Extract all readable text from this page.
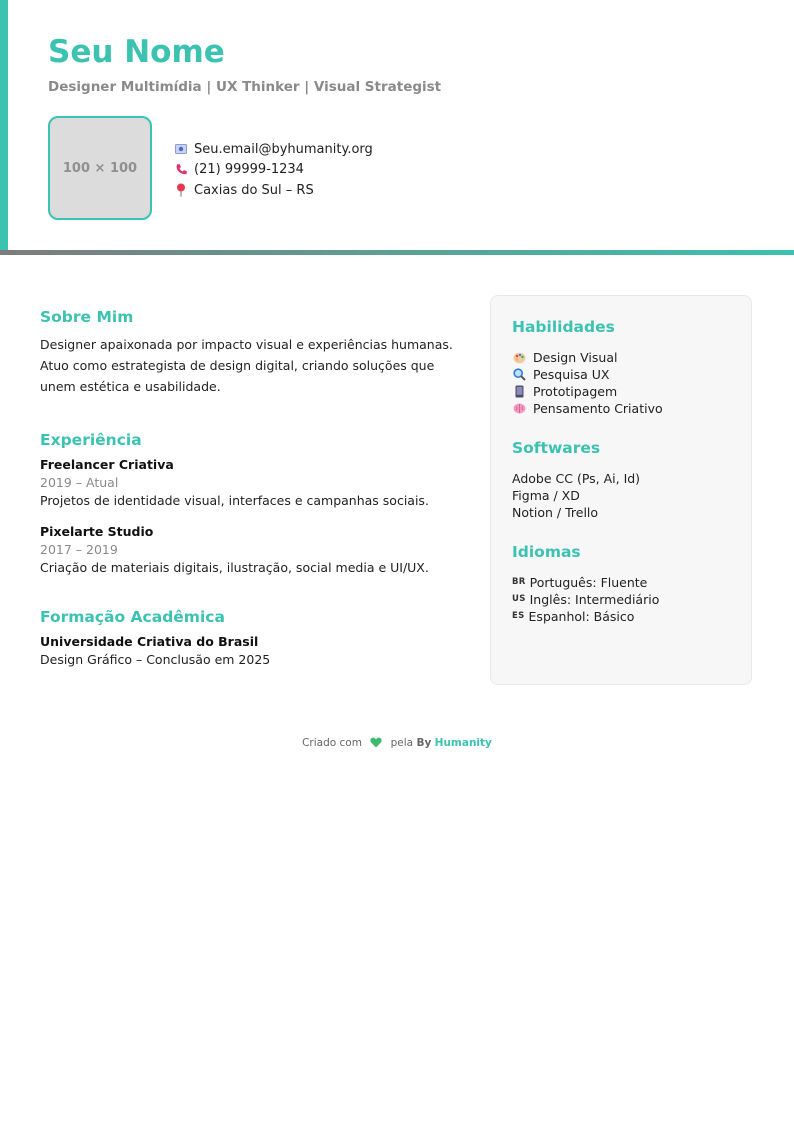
Seu Nome

Designer Multimídia | UX Thinker | Visual Strategist

100 × 100
Seu.email@byhumanity.org
(21) 99999-1234
Caxias do Sul – RS
Sobre Mim

Designer apaixonada por impacto visual e experiências humanas. Atuo como estrategista de design digital, criando soluções que unem estética e usabilidade.

Experiência
Freelancer Criativa
2019 – Atual
Projetos de identidade visual, interfaces e campanhas sociais.
Pixelarte Studio
2017 – 2019
Criação de materiais digitais, ilustração, social media e UI/UX.
Formação Acadêmica
Universidade Criativa do Brasil
Design Gráfico – Conclusão em 2025
Habilidades
Design Visual
Pesquisa UX
Prototipagem
Pensamento Criativo
Softwares
Adobe CC (Ps, Ai, Id)
Figma / XD
Notion / Trello
Idiomas
BR Português: Fluente
US Inglês: Intermediário
ES Espanhol: Básico
Criado com	pela By Humanity
